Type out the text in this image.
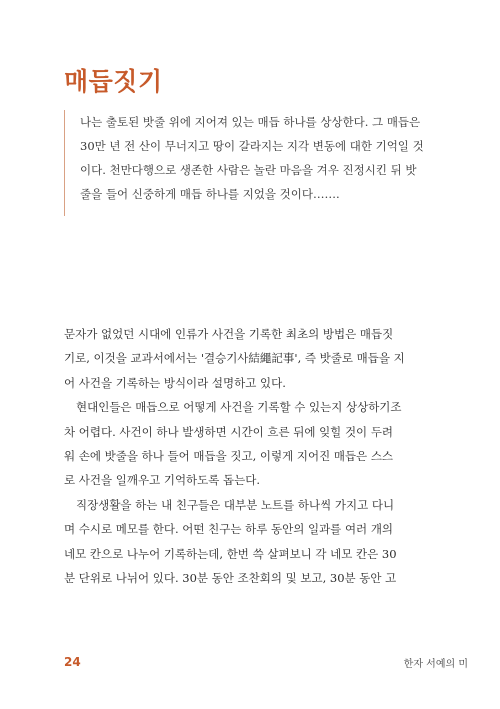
매듭짓기

나는 출토된 밧줄 위에 지어져 있는 매듭 하나를 상상한다. 그 매듭은
30만 년 전 산이 무너지고 땅이 갈라지는 지각 변동에 대한 기억일 것
이다. 천만다행으로 생존한 사람은 놀란 마음을 겨우 진정시킨 뒤 밧
줄을 들어 신중하게 매듭 하나를 지었을 것이다…….

문자가 없었던 시대에 인류가 사건을 기록한 최초의 방법은 매듭짓
기로, 이것을 교과서에서는 '결승기사結繩記事', 즉 밧줄로 매듭을 지
어 사건을 기록하는 방식이라 설명하고 있다.
현대인들은 매듭으로 어떻게 사건을 기록할 수 있는지 상상하기조
차 어렵다. 사건이 하나 발생하면 시간이 흐른 뒤에 잊힐 것이 두려
워 손에 밧줄을 하나 들어 매듭을 짓고, 이렇게 지어진 매듭은 스스
로 사건을 일깨우고 기억하도록 돕는다.
직장생활을 하는 내 친구들은 대부분 노트를 하나씩 가지고 다니
며 수시로 메모를 한다. 어떤 친구는 하루 동안의 일과를 여러 개의
네모 칸으로 나누어 기록하는데, 한번 쓱 살펴보니 각 네모 칸은 30
분 단위로 나뉘어 있다. 30분 동안 조찬회의 및 보고, 30분 동안 고
24	한자 서예의 미
